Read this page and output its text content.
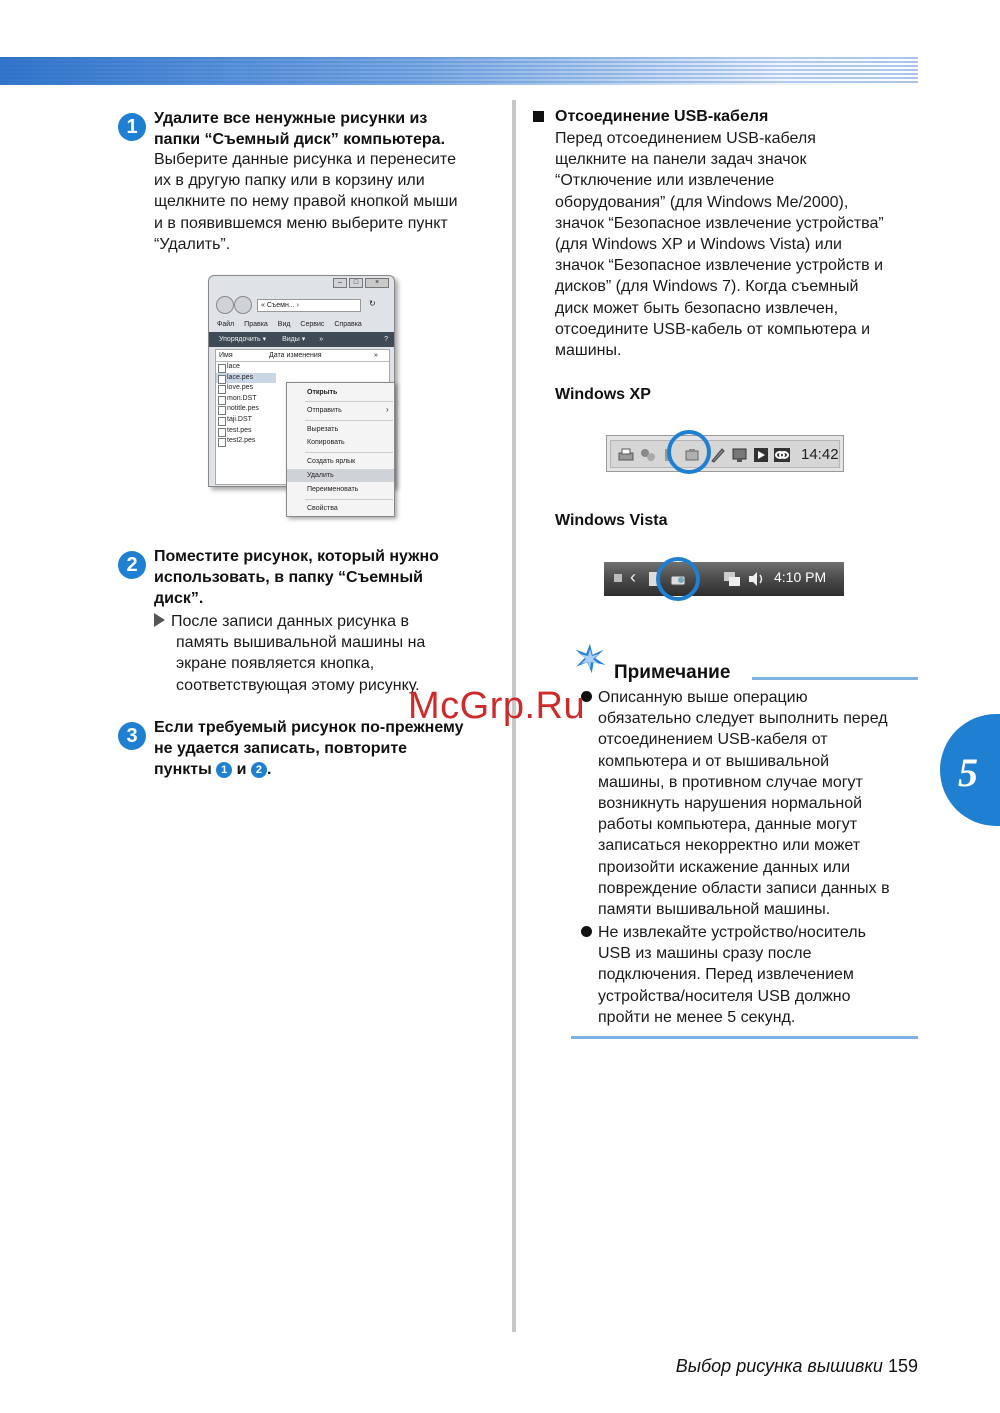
1	Удалите все ненужные рисунки из
папки “Съемный диск” компьютера.
Выберите данные рисунка и перенесите
их в другую папку или в корзину или
щелкните по нему правой кнопкой мыши
и в появившемся меню выберите пункт
“Удалить”.
–	□	×
« Съемн... ›	↻
Файл Правка Вид Сервис Справка
Упорядочить ▾ Виды ▾ »	?
Имя	Дата изменения	»
lace
lace.pes
love.pes
mon.DST
notitle.pes
taji.DST
test.pes
test2.pes
Открыть
Отправить	›
Вырезать
Копировать
Создать ярлык
Удалить
Переименовать
Свойства
2	Поместите рисунок, который нужно
использовать, в папку “Съемный
диск”.
После записи данных рисунка в
память вышивальной машины на
экране появляется кнопка,
соответствующая этому рисунку.
3	Если требуемый рисунок по-прежнему
не удается записать, повторите
пункты 1 и 2 .
Отсоединение USB-кабеля
Перед отсоединением USB-кабеля
щелкните на панели задач значок
“Отключение или извлечение
оборудования” (для Windows Me/2000),
значок “Безопасное извлечение устройства”
(для Windows XP и Windows Vista) или
значок “Безопасное извлечение устройств и
дисков” (для Windows 7). Когда съемный
диск может быть безопасно извлечен,
отсоедините USB-кабель от компьютера и
машины.
Windows XP
14:42
Windows Vista
‹	4:10 PM
Примечание
Описанную выше операцию
обязательно следует выполнить перед
отсоединением USB-кабеля от
компьютера и от вышивальной
машины, в противном случае могут
возникнуть нарушения нормальной
работы компьютера, данные могут
записаться некорректно или может
произойти искажение данных или
повреждение области записи данных в
памяти вышивальной машины.
Не извлекайте устройство/носитель
USB из машины сразу после
подключения. Перед извлечением
устройства/носителя USB должно
пройти не менее 5 секунд.
5
McGrp.Ru
Выбор рисунка вышивки 159
